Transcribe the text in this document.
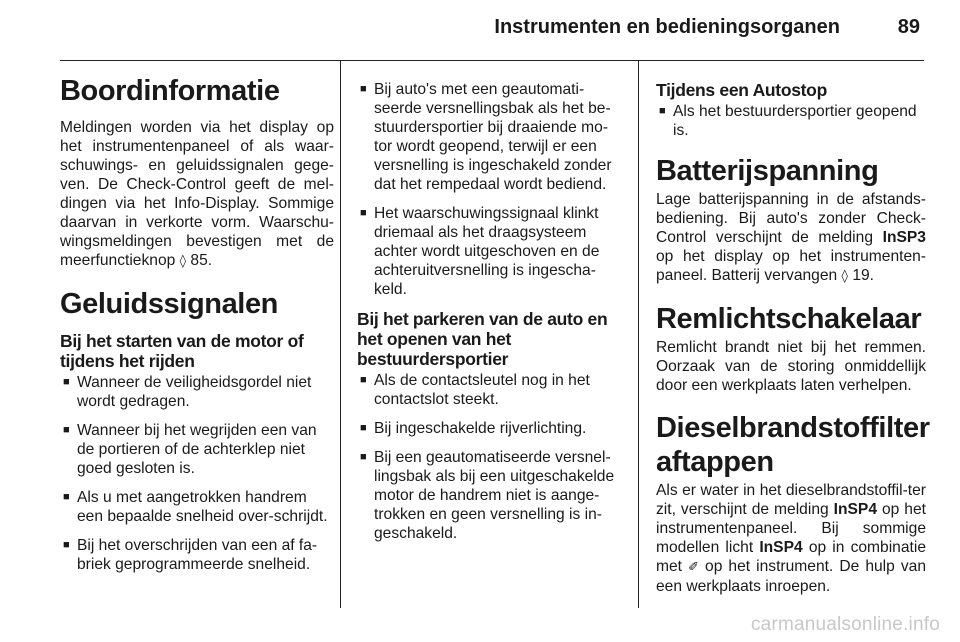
Instrumenten en bedieningsorganen	89
Boordinformatie

Meldingen worden via het display op het instrumentenpaneel of als waar-schuwings- en geluidssignalen gege-ven. De Check-Control geeft de mel-dingen via het Info-Display. Sommige daarvan in verkorte vorm. Waarschu-wingsmeldingen bevestigen met de meerfunctieknop ◊ 85.

Geluidssignalen
Bij het starten van de motor of tijdens het rijden
■ Wanneer de veiligheidsgordel niet wordt gedragen.
■ Wanneer bij het wegrijden een van de portieren of de achterklep niet goed gesloten is.
■ Als u met aangetrokken handrem een bepaalde snelheid over-schrijdt.
■ Bij het overschrijden van een af fa-briek geprogrammeerde snelheid.
■ Bij auto's met een geautomati-seerde versnellingsbak als het be-stuurdersportier bij draaiende mo-tor wordt geopend, terwijl er een versnelling is ingeschakeld zonder dat het rempedaal wordt bediend.
■ Het waarschuwingssignaal klinkt driemaal als het draagsysteem achter wordt uitgeschoven en de achteruitversnelling is ingescha-keld.
Bij het parkeren van de auto en het openen van het bestuurdersportier
■ Als de contactsleutel nog in het contactslot steekt.
■ Bij ingeschakelde rijverlichting.
■ Bij een geautomatiseerde versnel-lingsbak als bij een uitgeschakelde motor de handrem niet is aange-trokken en geen versnelling is in-geschakeld.
Tijdens een Autostop
■ Als het bestuurdersportier geopend is.
Batterijspanning

Lage batterijspanning in de afstands-bediening. Bij auto's zonder Check-Control verschijnt de melding InSP3 op het display op het instrumenten-paneel. Batterij vervangen ◊ 19.

Remlichtschakelaar

Remlicht brandt niet bij het remmen. Oorzaak van de storing onmiddellijk door een werkplaats laten verhelpen.

Dieselbrandstoffilter aftappen

Als er water in het dieselbrandstoffil-ter zit, verschijnt de melding InSP4 op het instrumentenpaneel. Bij sommige modellen licht InSP4 op in combinatie met ✐ op het instrument. De hulp van een werkplaats inroepen.

carmanualsonline.info
